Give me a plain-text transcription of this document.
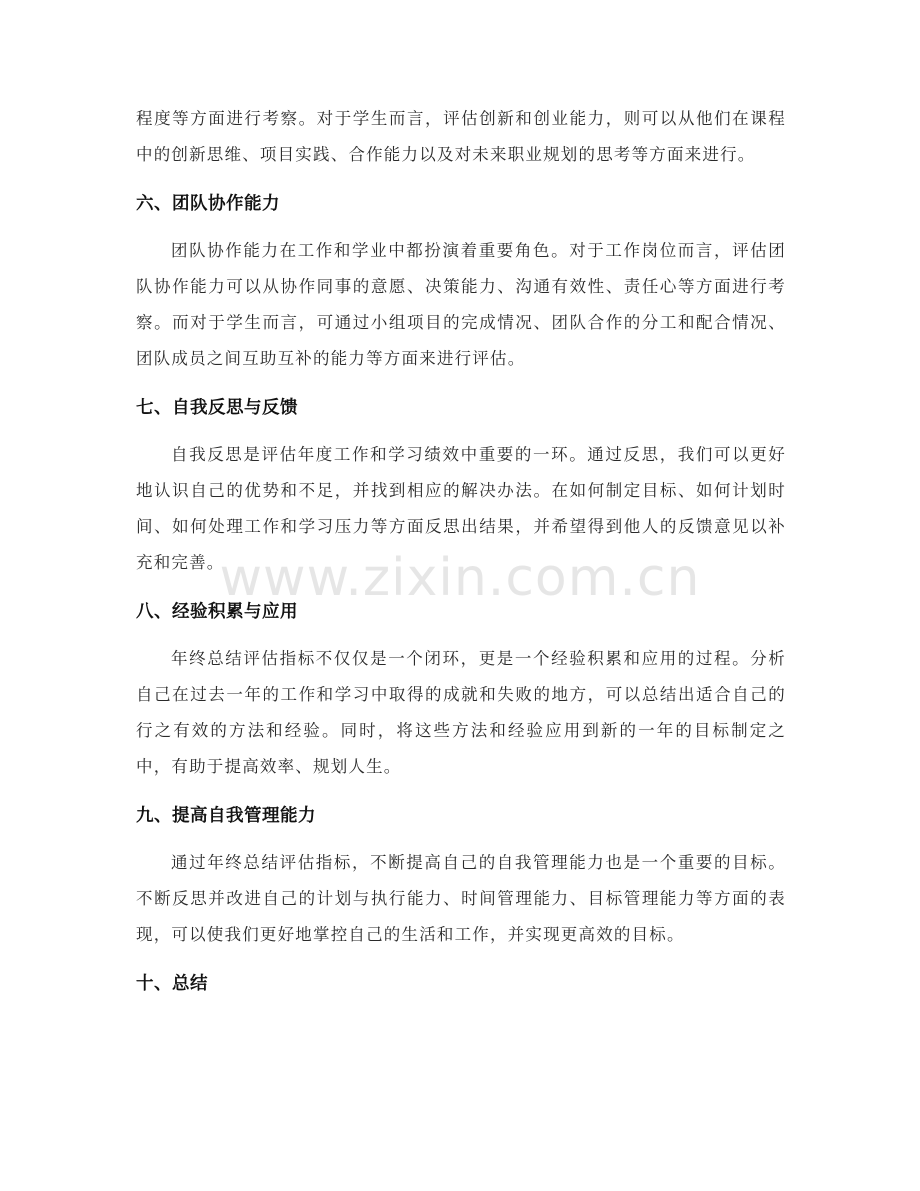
程度等方面进行考察。对于学生而言，评估创新和创业能力，则可以从他们在课程中的创新思维、项目实践、合作能力以及对未来职业规划的思考等方面来进行。

六、团队协作能力

团队协作能力在工作和学业中都扮演着重要角色。对于工作岗位而言，评估团队协作能力可以从协作同事的意愿、决策能力、沟通有效性、责任心等方面进行考察。而对于学生而言，可通过小组项目的完成情况、团队合作的分工和配合情况、团队成员之间互助互补的能力等方面来进行评估。

七、自我反思与反馈

自我反思是评估年度工作和学习绩效中重要的一环。通过反思，我们可以更好地认识自己的优势和不足，并找到相应的解决办法。在如何制定目标、如何计划时间、如何处理工作和学习压力等方面反思出结果，并希望得到他人的反馈意见以补充和完善。

八、经验积累与应用

年终总结评估指标不仅仅是一个闭环，更是一个经验积累和应用的过程。分析自己在过去一年的工作和学习中取得的成就和失败的地方，可以总结出适合自己的行之有效的方法和经验。同时，将这些方法和经验应用到新的一年的目标制定之中，有助于提高效率、规划人生。

九、提高自我管理能力

通过年终总结评估指标，不断提高自己的自我管理能力也是一个重要的目标。不断反思并改进自己的计划与执行能力、时间管理能力、目标管理能力等方面的表现，可以使我们更好地掌控自己的生活和工作，并实现更高效的目标。

十、总结
www.zixin.com.cn
